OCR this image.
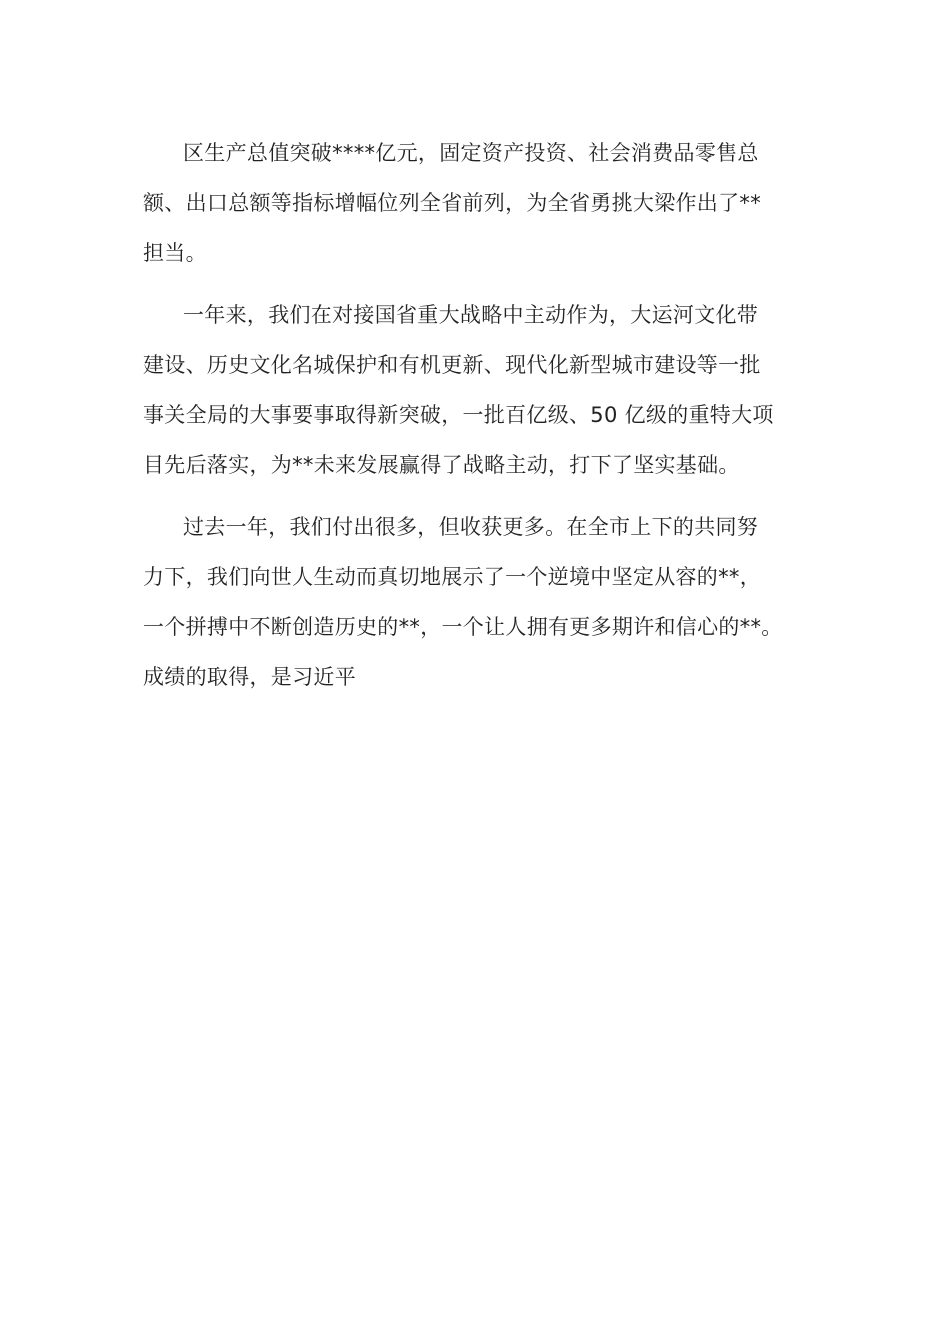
区生产总值突破****亿元，固定资产投资、社会消费品零售总
额、出口总额等指标增幅位列全省前列，为全省勇挑大梁作出了**
担当。
一年来，我们在对接国省重大战略中主动作为，大运河文化带
建设、历史文化名城保护和有机更新、现代化新型城市建设等一批
事关全局的大事要事取得新突破，一批百亿级、50 亿级的重特大项
目先后落实，为**未来发展赢得了战略主动，打下了坚实基础。
过去一年，我们付出很多，但收获更多。在全市上下的共同努
力下，我们向世人生动而真切地展示了一个逆境中坚定从容的**，
一个拼搏中不断创造历史的**，一个让人拥有更多期许和信心的**。
成绩的取得，是习近平
